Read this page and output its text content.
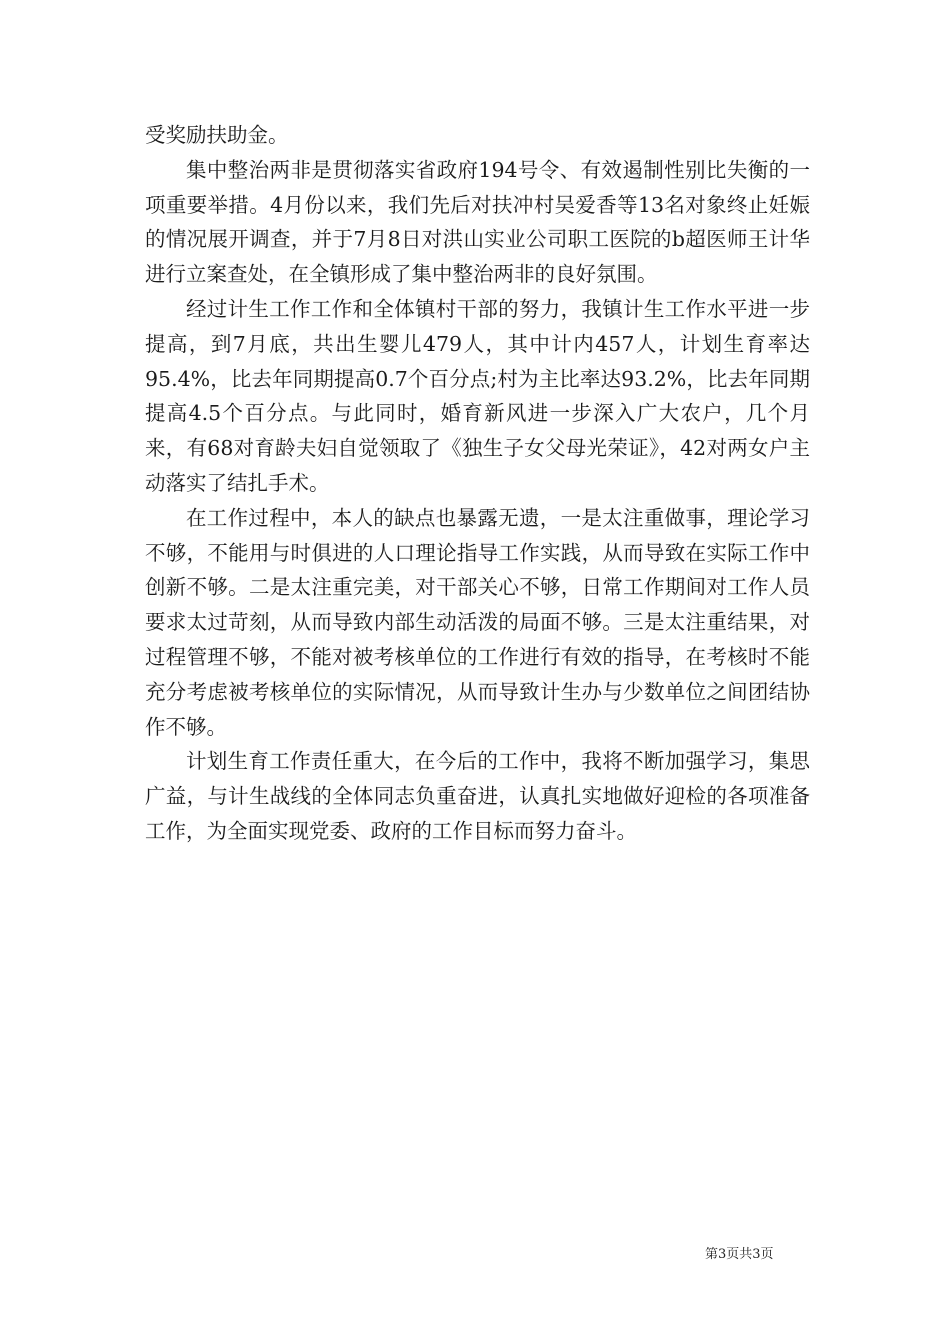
受奖励扶助金。

集中整治两非是贯彻落实省政府194号令、有效遏制性别比失衡的一项重要举措。4月份以来，我们先后对扶冲村吴爱香等13名对象终止妊娠的情况展开调查，并于7月8日对洪山实业公司职工医院的b超医师王计华进行立案查处，在全镇形成了集中整治两非的良好氛围。

经过计生工作工作和全体镇村干部的努力，我镇计生工作水平进一步提高，到7月底，共出生婴儿479人，其中计内457人，计划生育率达95.4%，比去年同期提高0.7个百分点;村为主比率达93.2%，比去年同期提高4.5个百分点。与此同时，婚育新风进一步深入广大农户，几个月来，有68对育龄夫妇自觉领取了《独生子女父母光荣证》，42对两女户主动落实了结扎手术。

在工作过程中，本人的缺点也暴露无遗，一是太注重做事，理论学习不够，不能用与时俱进的人口理论指导工作实践，从而导致在实际工作中创新不够。二是太注重完美，对干部关心不够，日常工作期间对工作人员要求太过苛刻，从而导致内部生动活泼的局面不够。三是太注重结果，对过程管理不够，不能对被考核单位的工作进行有效的指导，在考核时不能充分考虑被考核单位的实际情况，从而导致计生办与少数单位之间团结协作不够。

计划生育工作责任重大，在今后的工作中，我将不断加强学习，集思广益，与计生战线的全体同志负重奋进，认真扎实地做好迎检的各项准备工作，为全面实现党委、政府的工作目标而努力奋斗。

第3页共3页
